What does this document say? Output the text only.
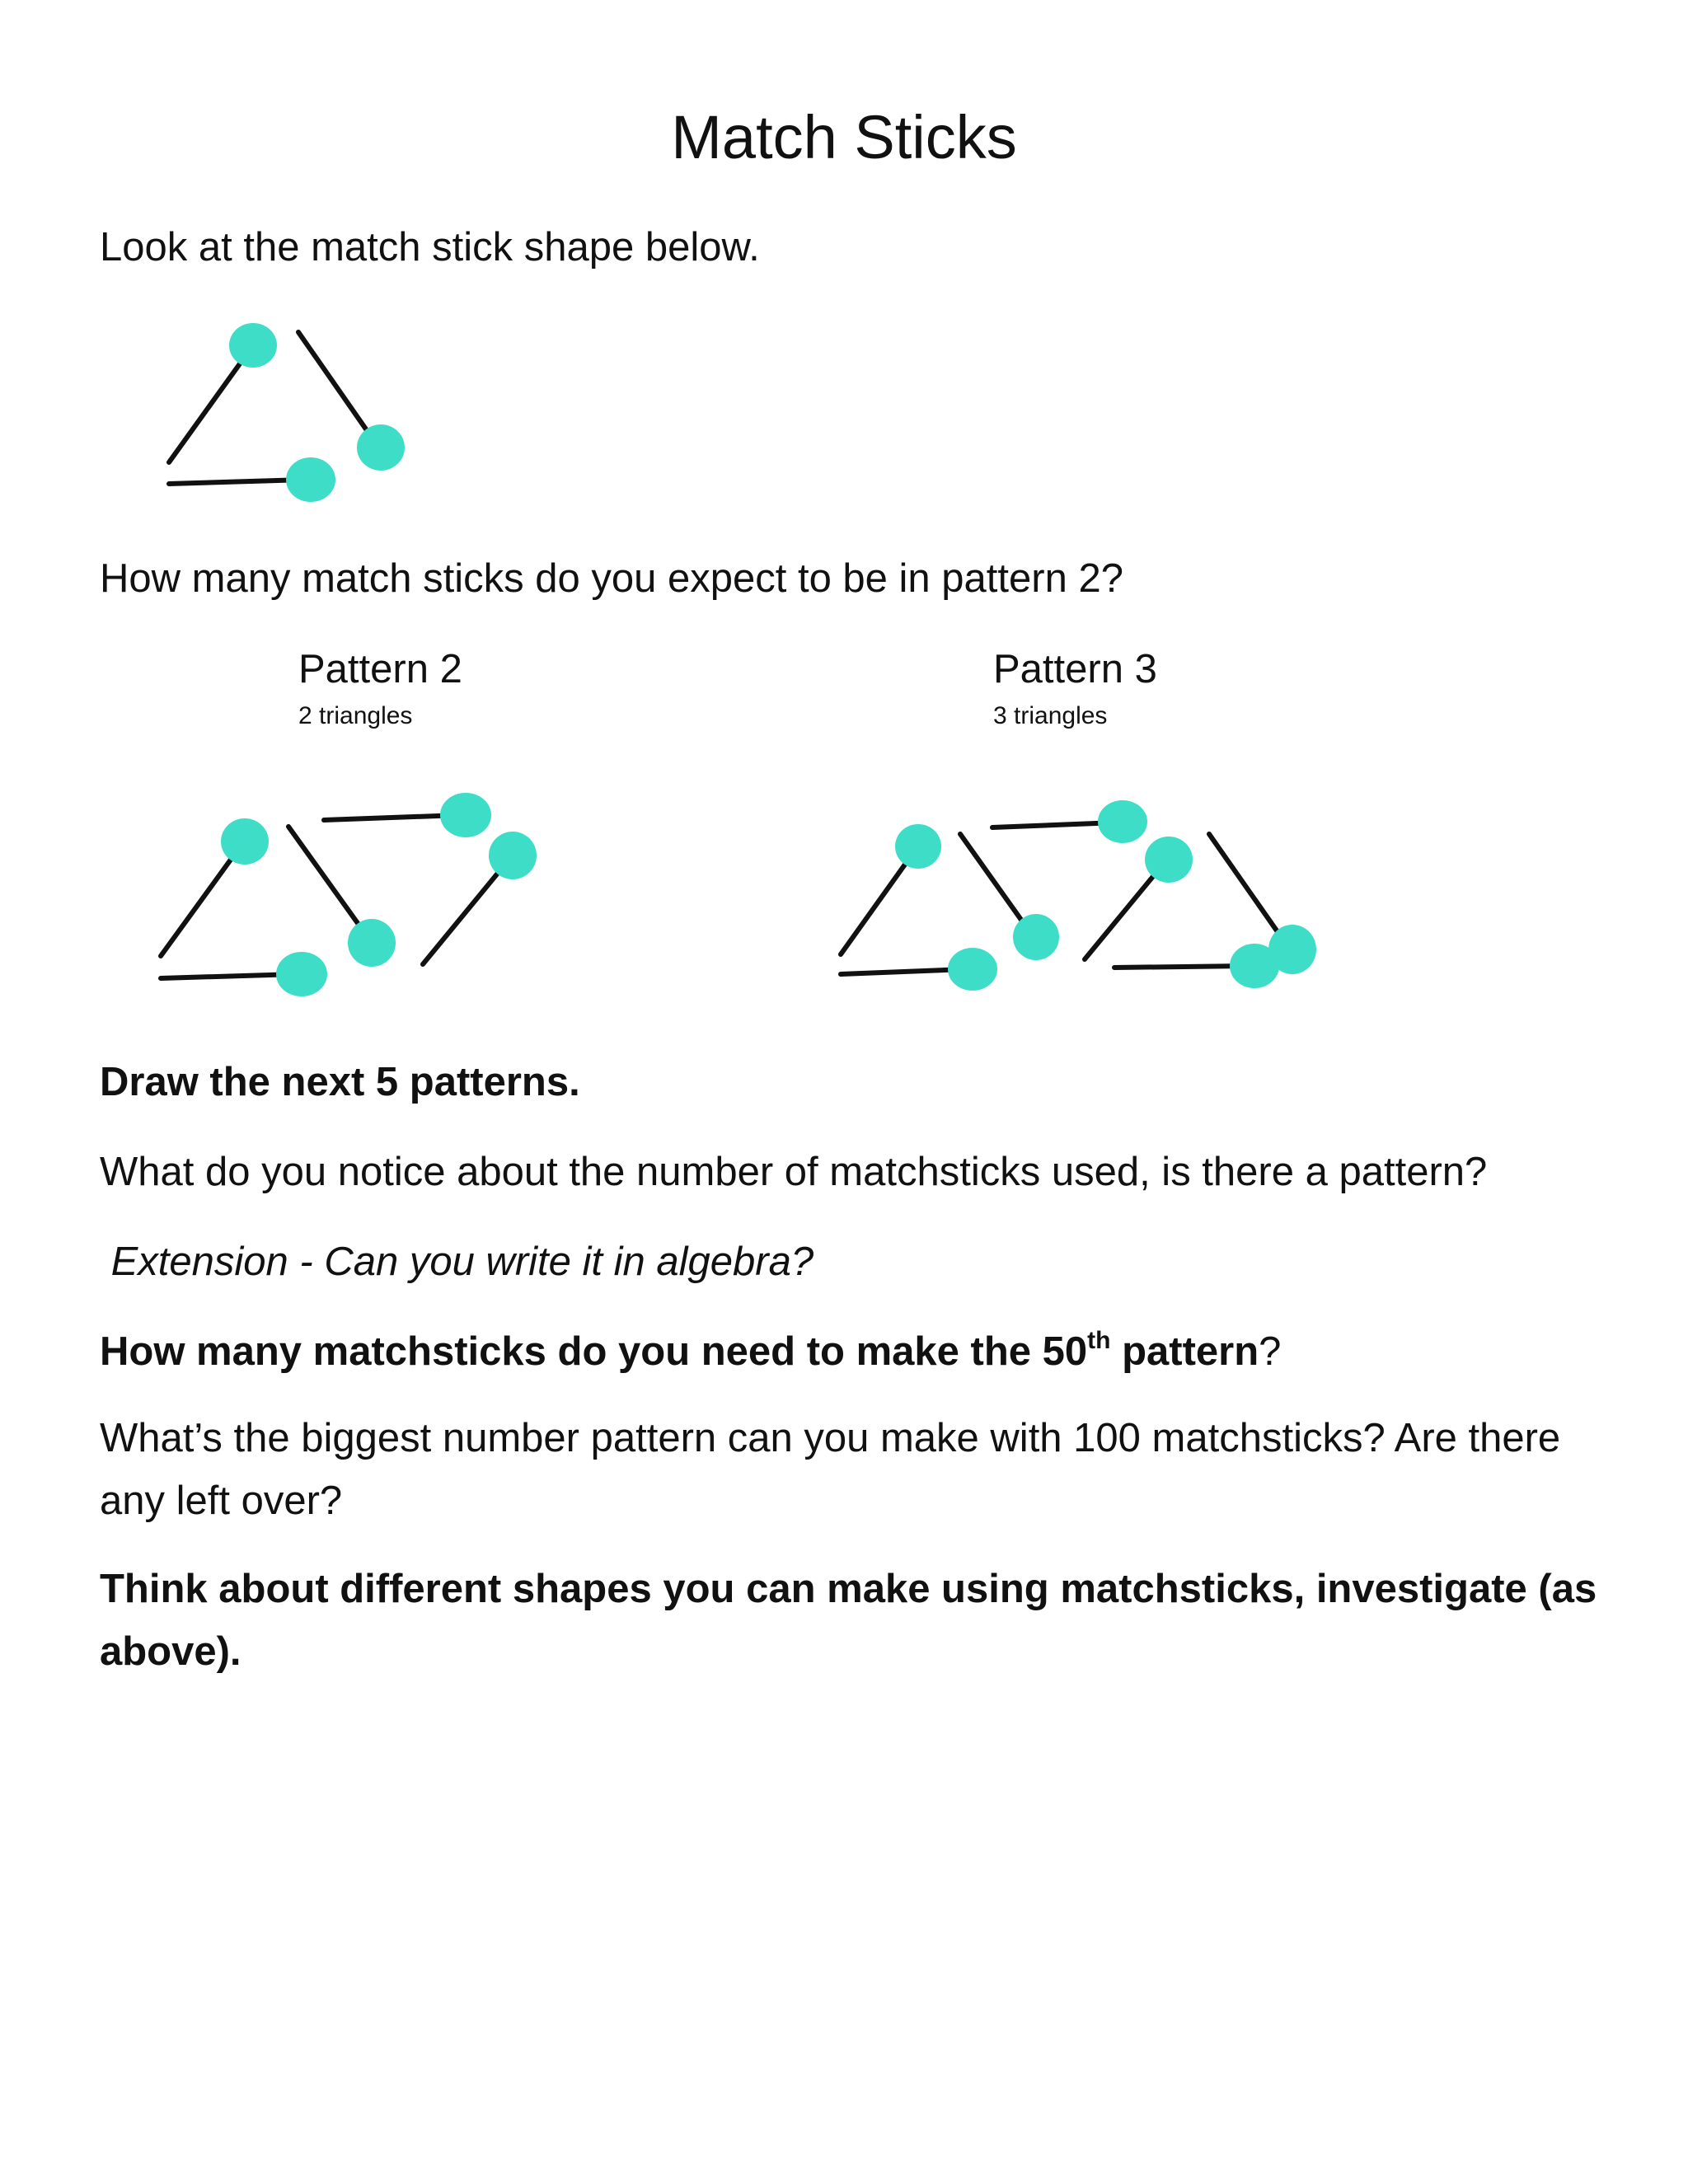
Match Sticks

Look at the match stick shape below.

How many match sticks do you expect to be in pattern 2?

Pattern 2
2 triangles
Pattern 3
3 triangles

Draw the next 5 patterns.

What do you notice about the number of matchsticks used, is there a pattern?

Extension - Can you write it in algebra?

How many matchsticks do you need to make the 50th pattern?

What’s the biggest number pattern can you make with 100 matchsticks? Are there any left over?

Think about different shapes you can make using matchsticks, investigate (as above).
